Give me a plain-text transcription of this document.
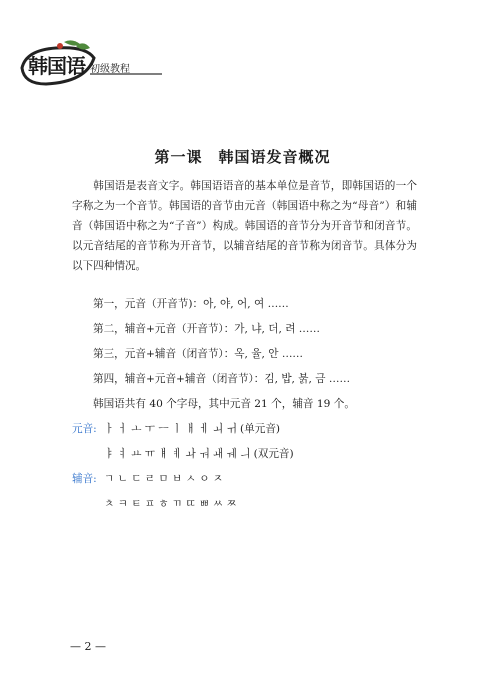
韩国语 初级教程
第一课　韩国语发音概况

韩国语是表音文字。韩国语语音的基本单位是音节，即韩国语的一个字称之为一个音节。韩国语的音节由元音（韩国语中称之为“母音”）和辅音（韩国语中称之为“子音”）构成。韩国语的音节分为开音节和闭音节。以元音结尾的音节称为开音节，以辅音结尾的音节称为闭音节。具体分为以下四种情况。

第一，元音（开音节)：아, 야, 어, 여 ……
第二，辅音+元音（开音节）：가, 냐, 더, 려 ……
第三，元音+辅音（闭音节）：옥, 율, 안 ……
第四，辅音+元音+辅音（闭音节）：김, 밥, 붉, 금 ……
韩国语共有 40 个字母，其中元音 21 个，辅音 19 个。
元音: ㅏ ㅓ ㅗ ㅜ ㅡ ㅣ ㅐ ㅔ ㅚ ㅟ (单元音)
ㅑ ㅕ ㅛ ㅠ ㅒ ㅖ ㅘ ㅝ ㅙ ㅞ ㅢ (双元音)
辅音: ㄱ ㄴ ㄷ ㄹ ㅁ ㅂ ㅅ ㅇ ㅈ
ㅊ ㅋ ㅌ ㅍ ㅎ ㄲ ㄸ ㅃ ㅆ ㅉ
— 2 —
